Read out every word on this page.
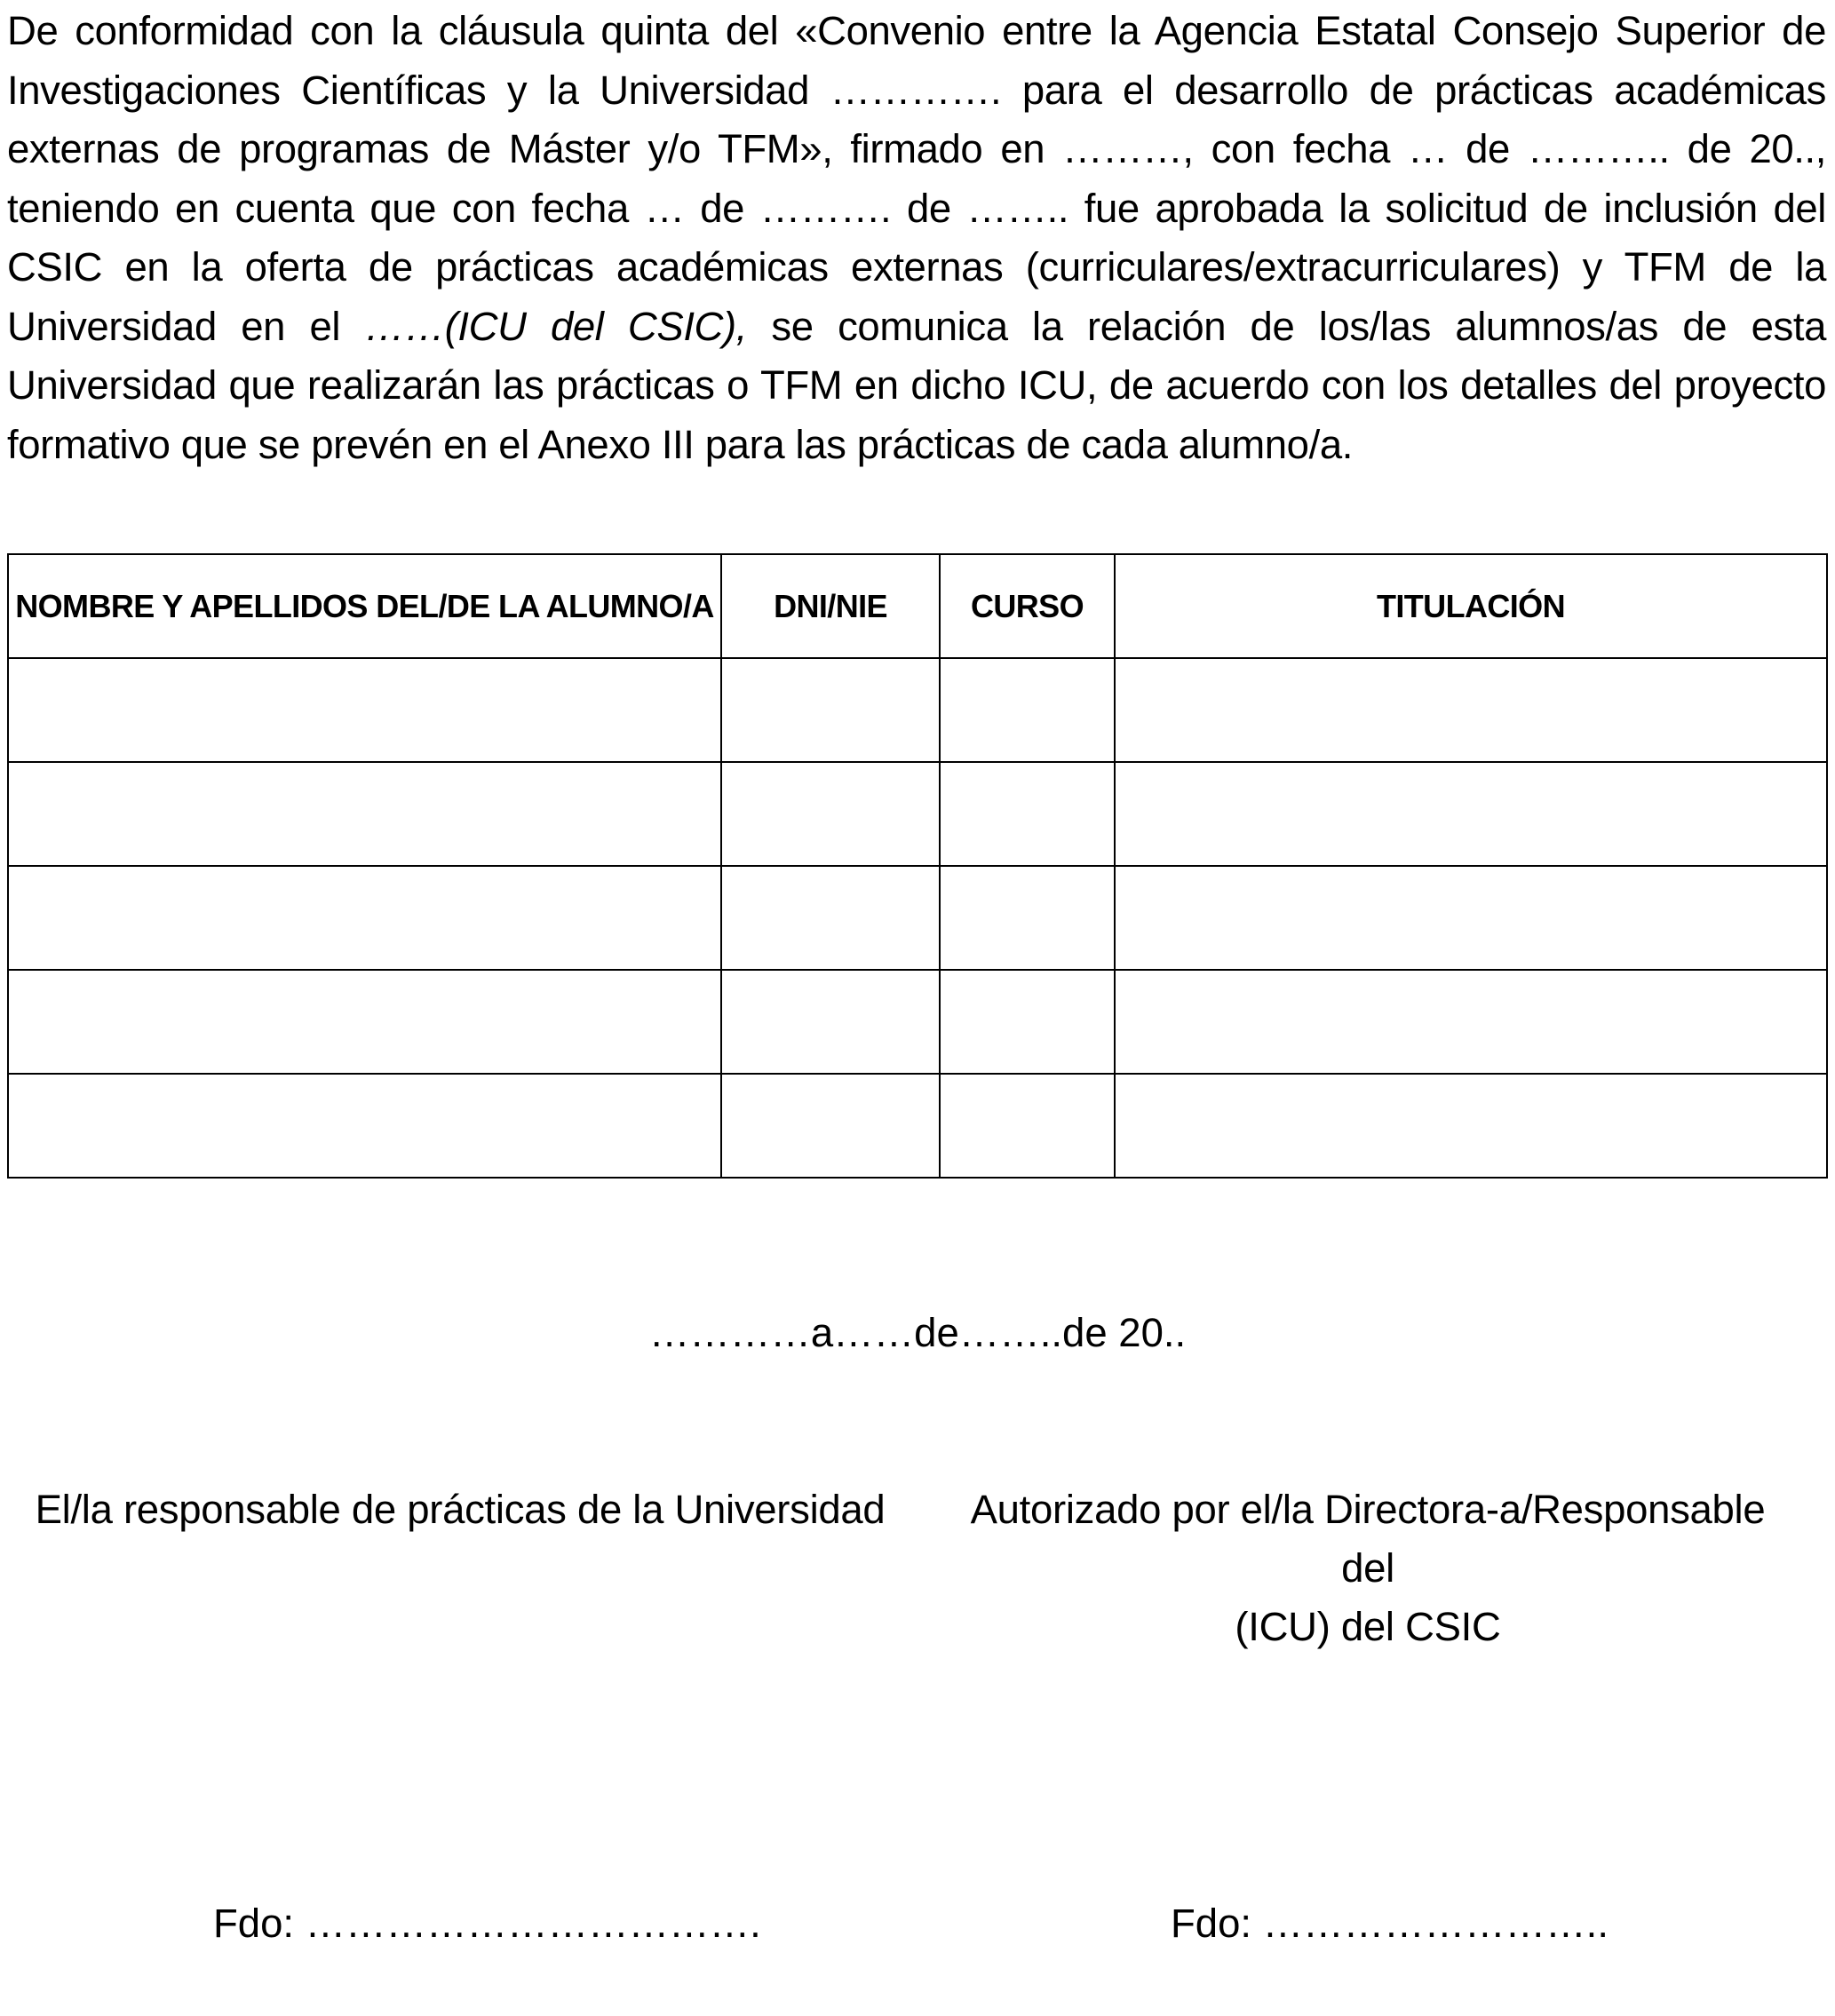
De conformidad con la cláusula quinta del «Convenio entre la Agencia Estatal Consejo Superior de Investigaciones Científicas y la Universidad …………. para el desarrollo de prácticas académicas externas de programas de Máster y/o TFM», firmado en ………, con fecha … de ……….. de 20.., teniendo en cuenta que con fecha … de ………. de …….. fue aprobada la solicitud de inclusión del CSIC en la oferta de prácticas académicas externas (curriculares/extracurriculares) y TFM de la Universidad en el ……(ICU del CSIC), se comunica la relación de los/las alumnos/as de esta Universidad que realizarán las prácticas o TFM en dicho ICU, de acuerdo con los detalles del proyecto formativo que se prevén en el Anexo III para las prácticas de cada alumno/a.

NOMBRE Y APELLIDOS DEL/DE LA ALUMNO/A	DNI/NIE	CURSO	TITULACIÓN

…………a……de……..de 20..
El/la responsable de prácticas de la Universidad	Autorizado por el/la Directora-a/Responsable del
(ICU) del CSIC
Fdo: …………………………….	Fdo: ……………………..
